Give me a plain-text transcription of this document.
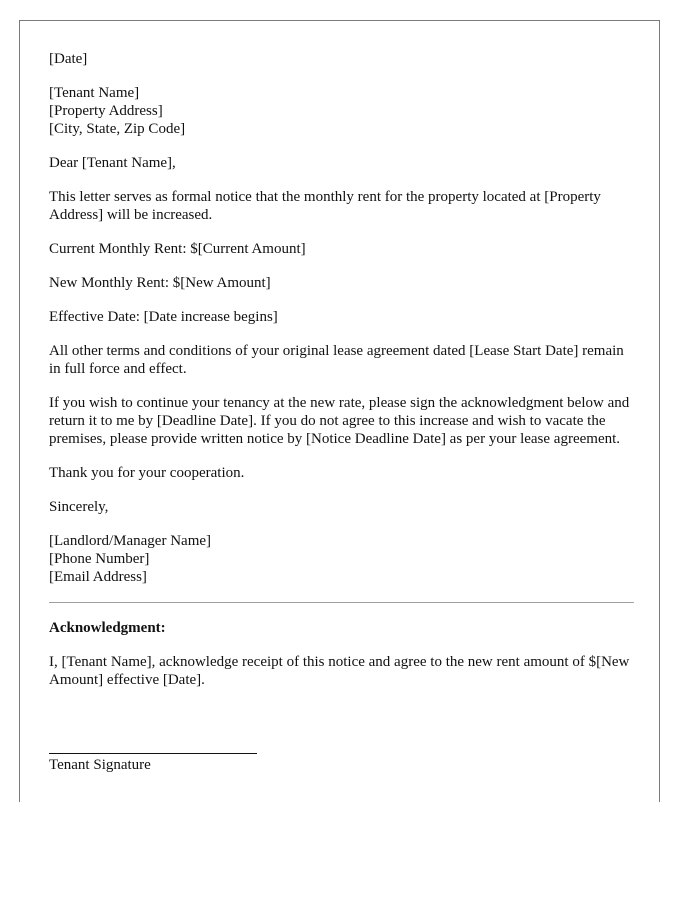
[Date]

[Tenant Name]
[Property Address]
[City, State, Zip Code]

Dear [Tenant Name],

This letter serves as formal notice that the monthly rent for the property located at [Property Address] will be increased.

Current Monthly Rent: $[Current Amount]

New Monthly Rent: $[New Amount]

Effective Date: [Date increase begins]

All other terms and conditions of your original lease agreement dated [Lease Start Date] remain in full force and effect.

If you wish to continue your tenancy at the new rate, please sign the acknowledgment below and return it to me by [Deadline Date]. If you do not agree to this increase and wish to vacate the premises, please provide written notice by [Notice Deadline Date] as per your lease agreement.

Thank you for your cooperation.

Sincerely,

[Landlord/Manager Name]
[Phone Number]
[Email Address]

Acknowledgment:

I, [Tenant Name], acknowledge receipt of this notice and agree to the new rent amount of $[New Amount] effective [Date].

Tenant Signature
